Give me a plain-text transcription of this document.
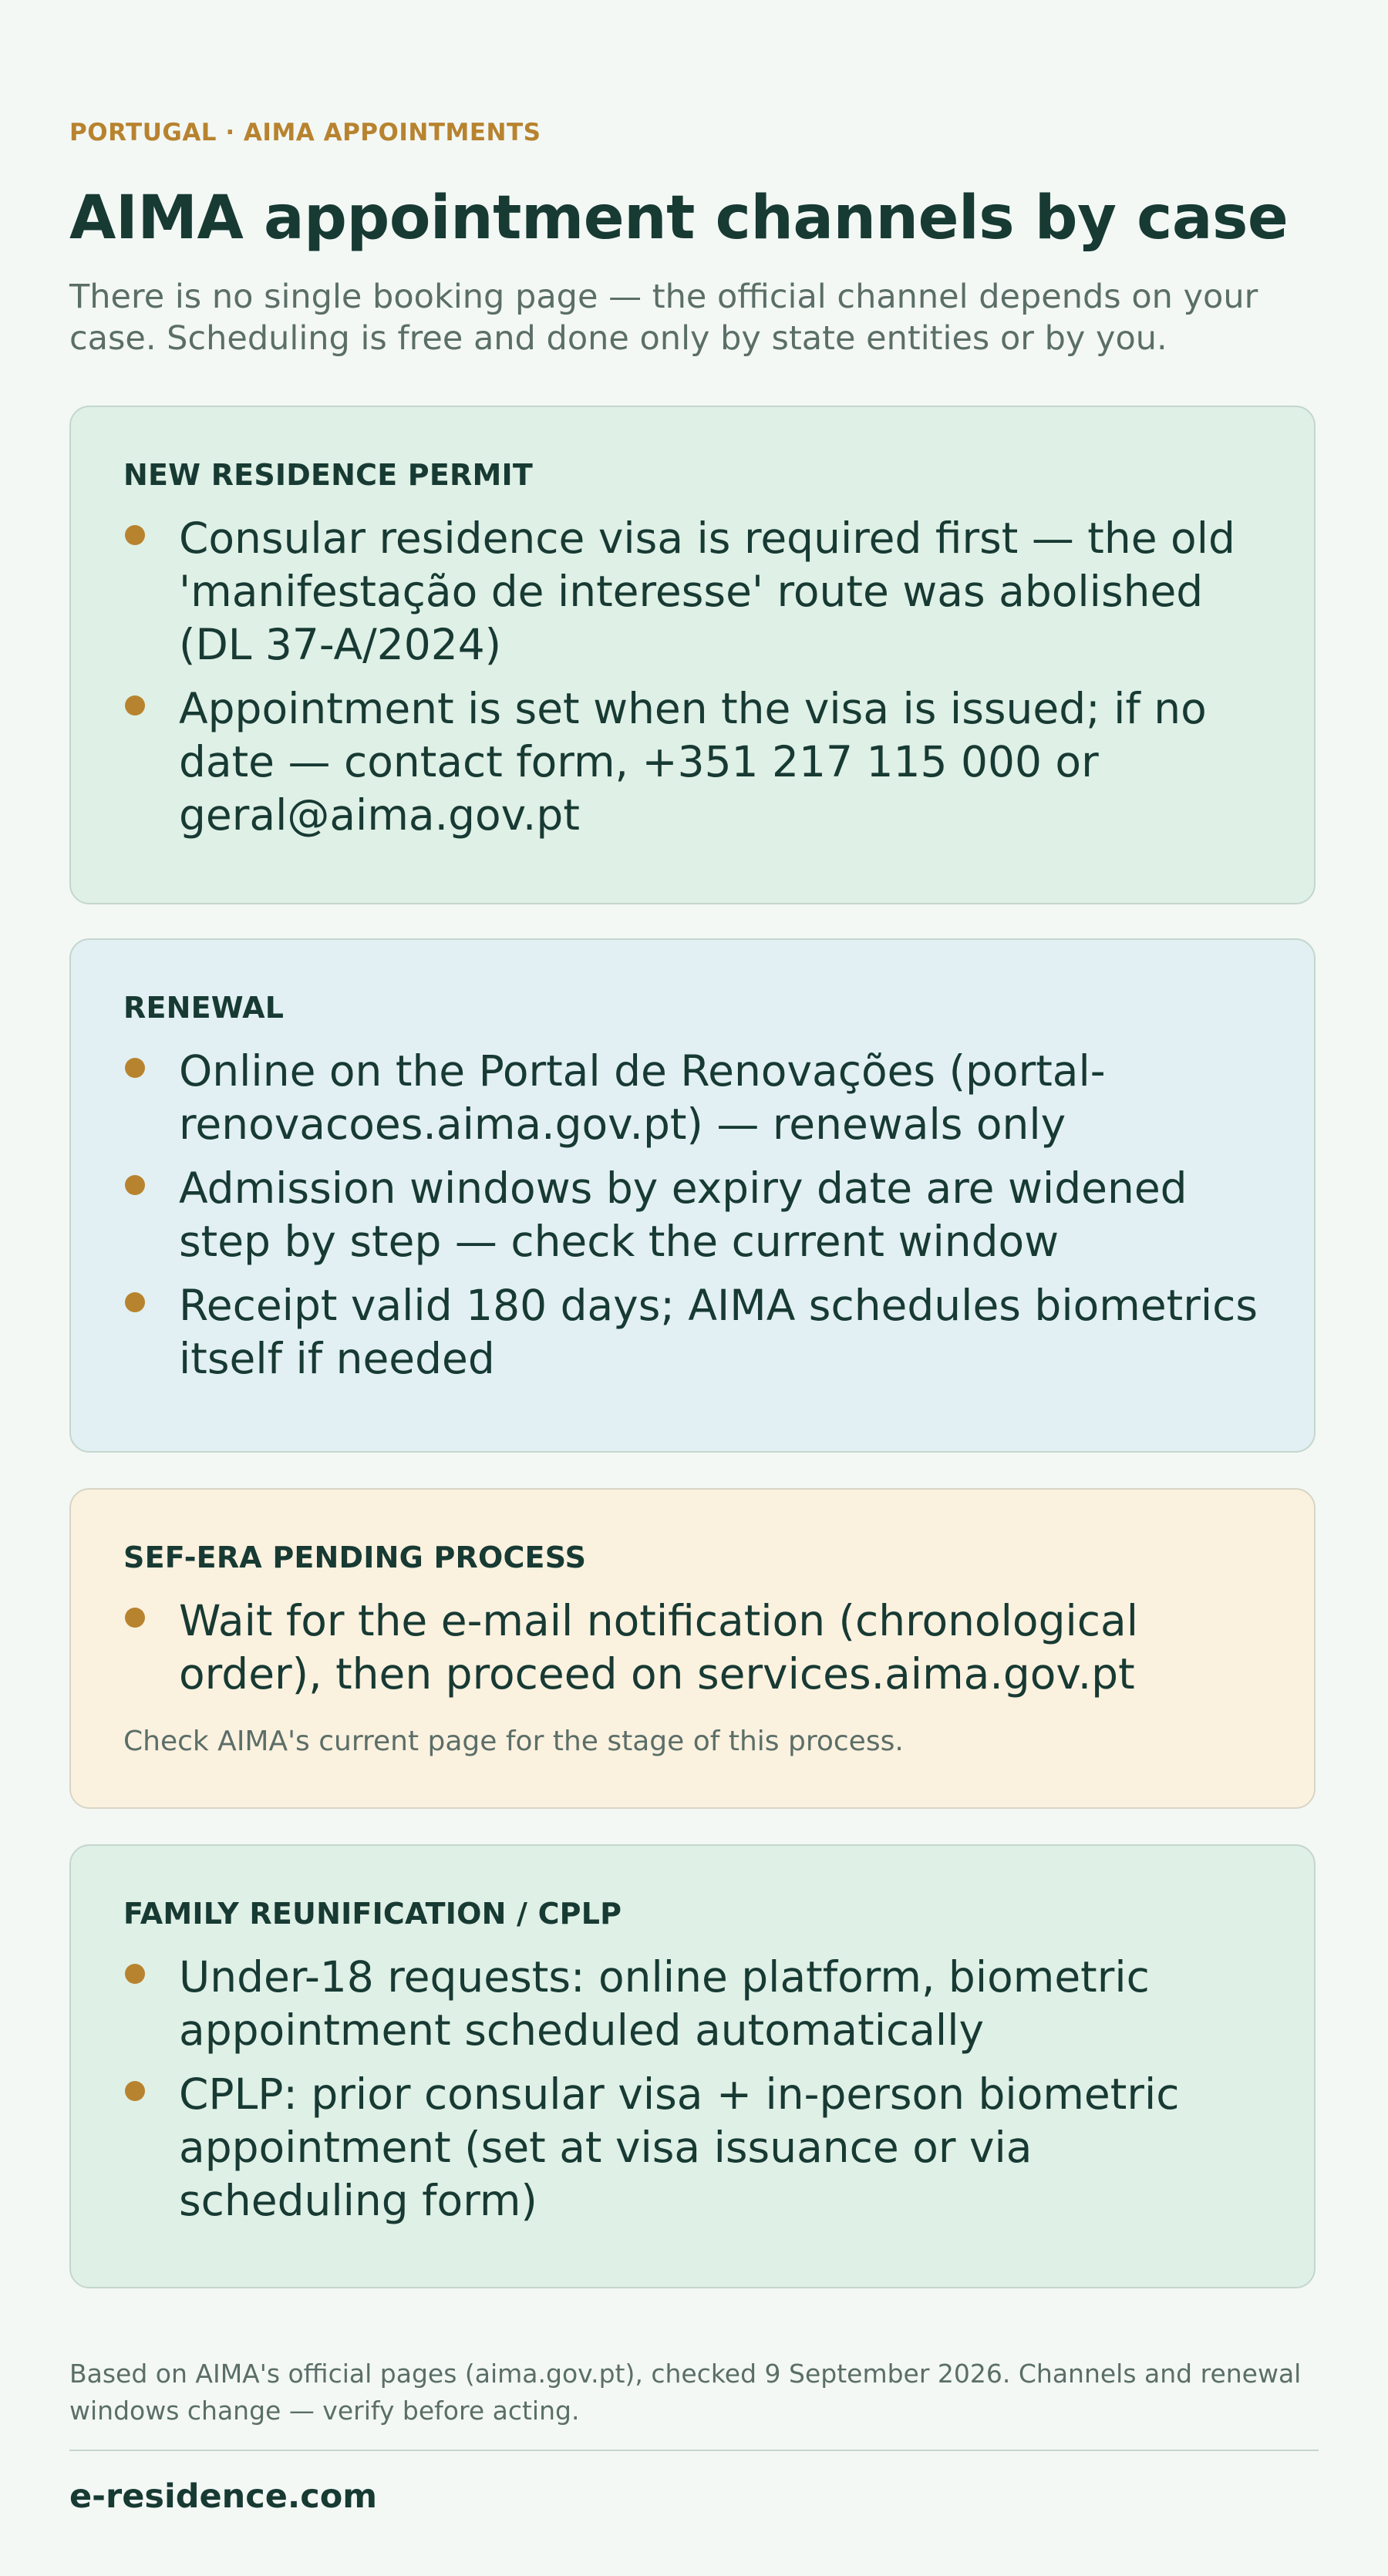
PORTUGAL · AIMA APPOINTMENTS
AIMA appointment channels by case

There is no single booking page — the official channel depends on your case. Scheduling is free and done only by state entities or by you.

NEW RESIDENCE PERMIT
Consular residence visa is required first — the old 'manifestação de interesse' route was abolished (DL 37-A/2024)
Appointment is set when the visa is issued; if no date — contact form, +351 217 115 000 or geral@aima.gov.pt
RENEWAL
Online on the Portal de Renovações (portal-renovacoes.aima.gov.pt) — renewals only
Admission windows by expiry date are widened step by step — check the current window
Receipt valid 180 days; AIMA schedules biometrics itself if needed
SEF-ERA PENDING PROCESS
Wait for the e-mail notification (chronological order), then proceed on services.aima.gov.pt
Check AIMA's current page for the stage of this process.
FAMILY REUNIFICATION / CPLP
Under-18 requests: online platform, biometric appointment scheduled automatically
CPLP: prior consular visa + in-person biometric appointment (set at visa issuance or via scheduling form)

Based on AIMA's official pages (aima.gov.pt), checked 9 September 2026. Channels and renewal windows change — verify before acting.

e-residence.com
